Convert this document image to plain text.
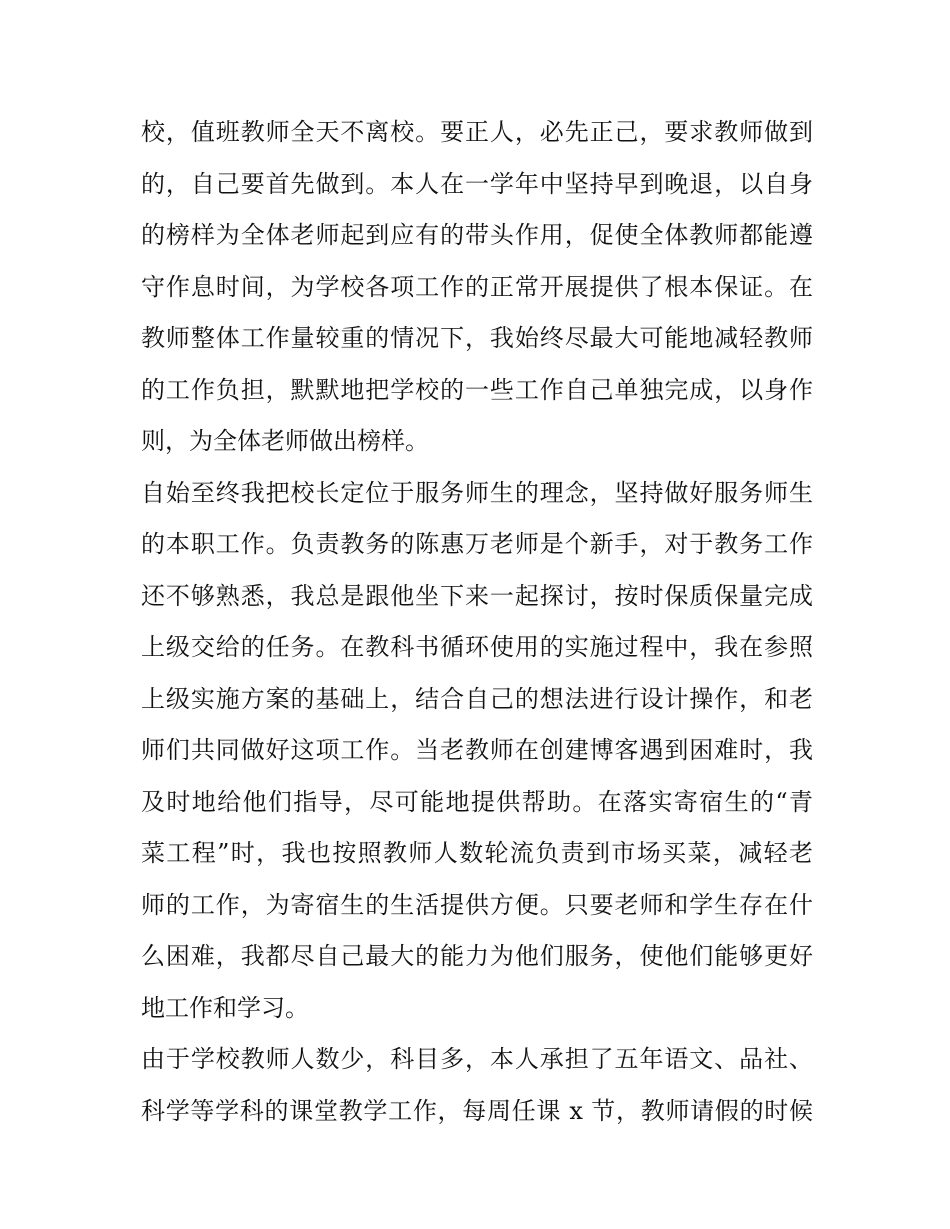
校，值班教师全天不离校。要正人，必先正己，要求教师做到
的，自己要首先做到。本人在一学年中坚持早到晚退，以自身
的榜样为全体老师起到应有的带头作用，促使全体教师都能遵
守作息时间，为学校各项工作的正常开展提供了根本保证。在
教师整体工作量较重的情况下，我始终尽最大可能地减轻教师
的工作负担，默默地把学校的一些工作自己单独完成，以身作
则，为全体老师做出榜样。
自始至终我把校长定位于服务师生的理念，坚持做好服务师生
的本职工作。负责教务的陈惠万老师是个新手，对于教务工作
还不够熟悉，我总是跟他坐下来一起探讨，按时保质保量完成
上级交给的任务。在教科书循环使用的实施过程中，我在参照
上级实施方案的基础上，结合自己的想法进行设计操作，和老
师们共同做好这项工作。当老教师在创建博客遇到困难时，我
及时地给他们指导，尽可能地提供帮助。在落实寄宿生的“青
菜工程”时，我也按照教师人数轮流负责到市场买菜，减轻老
师的工作，为寄宿生的生活提供方便。只要老师和学生存在什
么困难，我都尽自己最大的能力为他们服务，使他们能够更好
地工作和学习。
由于学校教师人数少，科目多，本人承担了五年语文、品社、
科学等学科的课堂教学工作，每周任课 x 节，教师请假的时候
